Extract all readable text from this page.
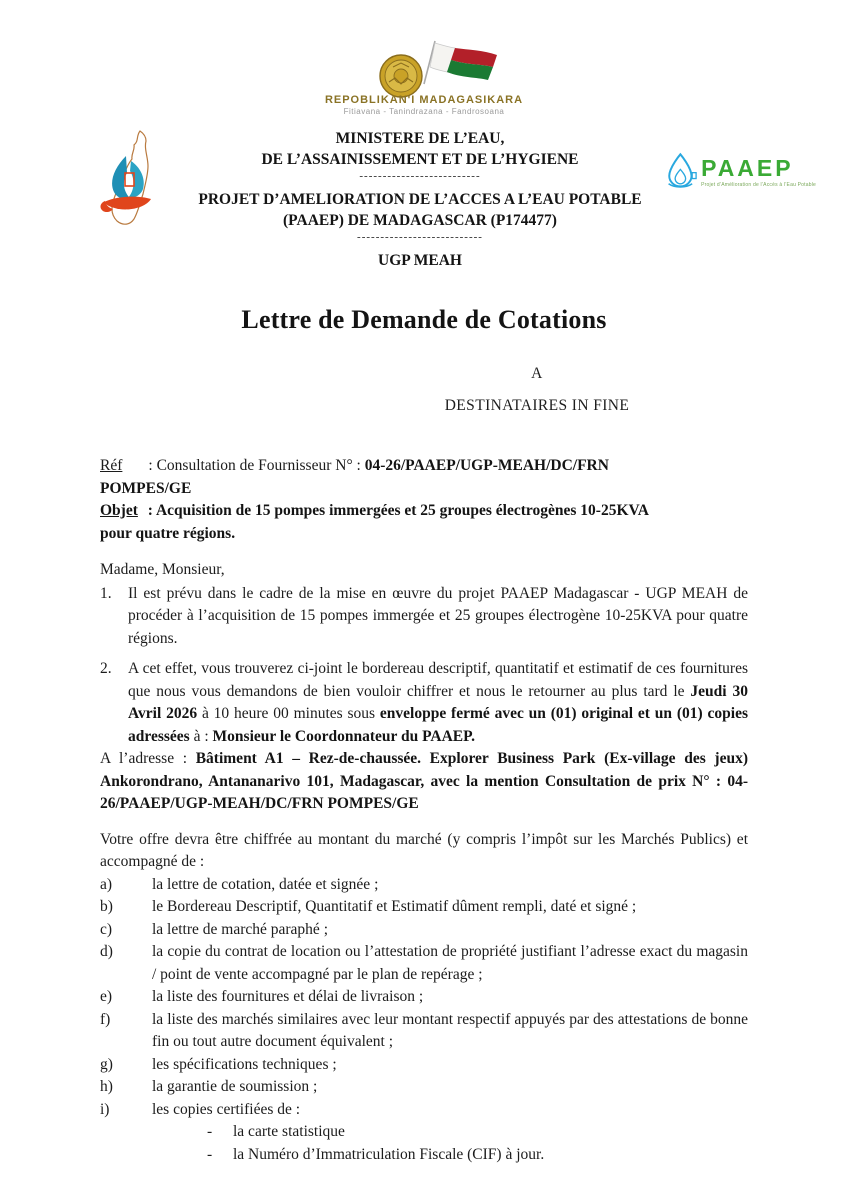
REPOBLIKAN'I MADAGASIKARA
Fitiavana - Tanindrazana - Fandrosoana
MINISTERE DE L’EAU,
DE L’ASSAINISSEMENT ET DE L’HYGIENE
--------------------------
PROJET D’AMELIORATION DE L’ACCES A L’EAU POTABLE
(PAAEP) DE MADAGASCAR (P174477)
---------------------------
UGP MEAH
PAAEP
Projet d’Amélioration de l’Accès à l’Eau Potable
Lettre de Demande de Cotations
A
DESTINATAIRES IN FINE

Réf : Consultation de Fournisseur N° : 04-26/PAAEP/UGP-MEAH/DC/FRN
POMPES/GE

Objet : Acquisition de 15 pompes immergées et 25 groupes électrogènes 10-25KVA
pour quatre régions.

Madame, Monsieur,

1.	Il est prévu dans le cadre de la mise en œuvre du projet PAAEP Madagascar - UGP MEAH de procéder à l’acquisition de 15 pompes immergée et 25 groupes électrogène 10-25KVA pour quatre régions.
2.	A cet effet, vous trouverez ci-joint le bordereau descriptif, quantitatif et estimatif de ces fournitures que nous vous demandons de bien vouloir chiffrer et nous le retourner au plus tard le Jeudi 30 Avril 2026 à 10 heure 00 minutes sous enveloppe fermé avec un (01) original et un (01) copies adressées à : Monsieur le Coordonnateur du PAAEP.

A l’adresse : Bâtiment A1 – Rez-de-chaussée. Explorer Business Park (Ex-village des jeux) Ankorondrano, Antananarivo 101, Madagascar, avec la mention Consultation de prix N° : 04-26/PAAEP/UGP-MEAH/DC/FRN POMPES/GE

Votre offre devra être chiffrée au montant du marché (y compris l’impôt sur les Marchés Publics) et accompagné de :

a)	la lettre de cotation, datée et signée ;
b)	le Bordereau Descriptif, Quantitatif et Estimatif dûment rempli, daté et signé ;
c)	la lettre de marché paraphé ;
d)	la copie du contrat de location ou l’attestation de propriété justifiant l’adresse exact du magasin / point de vente accompagné par le plan de repérage ;
e)	la liste des fournitures et délai de livraison ;
f)	la liste des marchés similaires avec leur montant respectif appuyés par des attestations de bonne fin ou tout autre document équivalent ;
g)	les spécifications techniques ;
h)	la garantie de soumission ;
i)	les copies certifiées de :
-	la carte statistique
-	la Numéro d’Immatriculation Fiscale (CIF) à jour.
